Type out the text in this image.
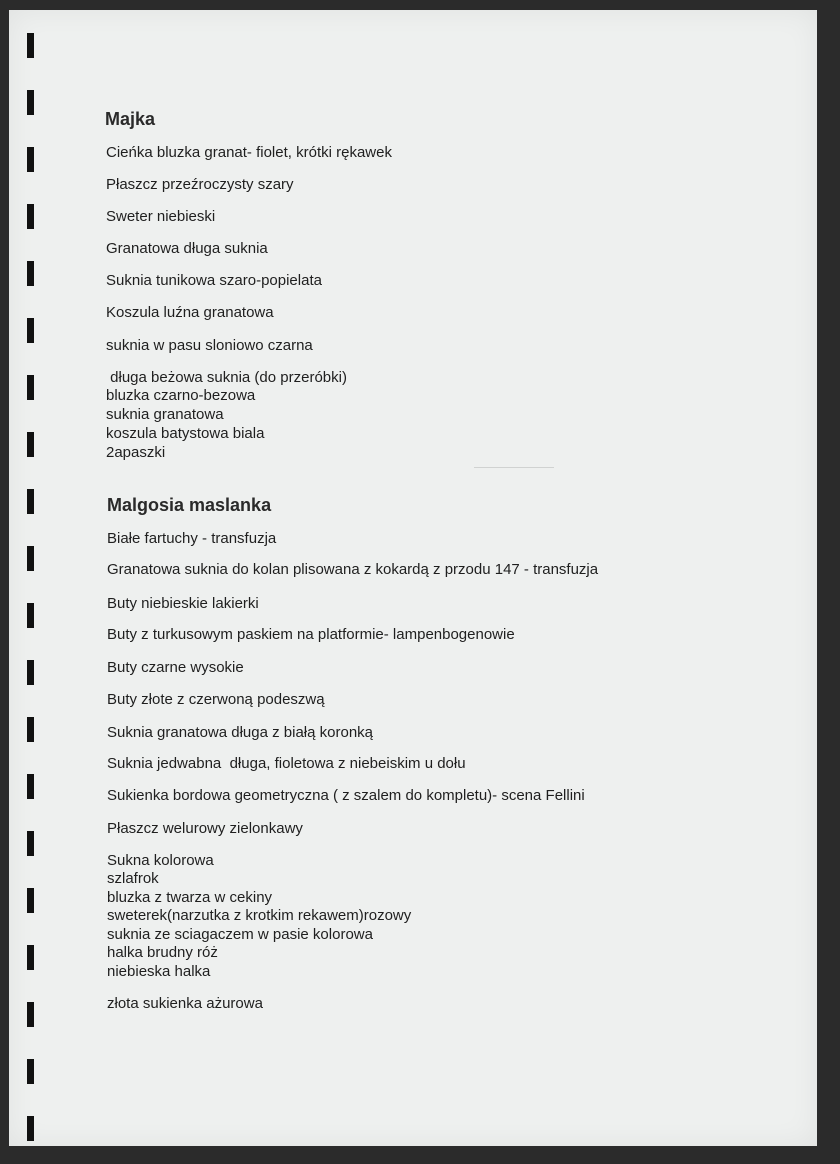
Majka
Cieńka bluzka granat- fiolet, krótki rękawek
Płaszcz przeźroczysty szary
Sweter niebieski
Granatowa długa suknia
Suknia tunikowa szaro-popielata
Koszula luźna granatowa
suknia w pasu sloniowo czarna
długa beżowa suknia (do przeróbki)
bluzka czarno-bezowa
suknia granatowa
koszula batystowa biala
2apaszki
Malgosia maslanka
Białe fartuchy - transfuzja
Granatowa suknia do kolan plisowana z kokardą z przodu 147 - transfuzja
Buty niebieskie lakierki
Buty z turkusowym paskiem na platformie- lampenbogenowie
Buty czarne wysokie
Buty złote z czerwoną podeszwą
Suknia granatowa długa z białą koronką
Suknia jedwabna  długa, fioletowa z niebeiskim u dołu
Sukienka bordowa geometryczna ( z szalem do kompletu)- scena Fellini
Płaszcz welurowy zielonkawy
Sukna kolorowa
szlafrok
bluzka z twarza w cekiny
sweterek(narzutka z krotkim rekawem)rozowy
suknia ze sciagaczem w pasie kolorowa
halka brudny róż
niebieska halka
złota sukienka ażurowa
